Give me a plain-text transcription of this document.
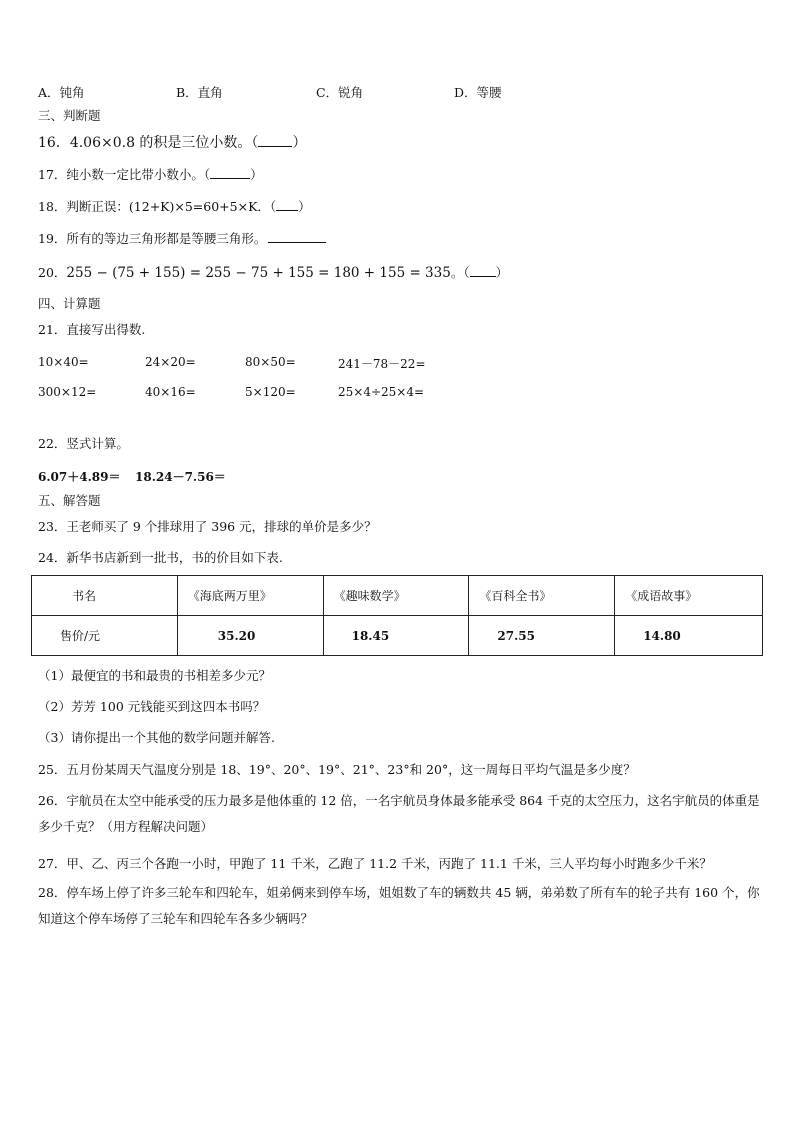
A．钝角	B．直角	C．锐角	D．等腰
三、判断题
16．4.06×0.8 的积是三位小数。（ ）
17．纯小数一定比带小数小。（	）
18．判断正误：(12+K)×5=60+5×K．（ ）
19．所有的等边三角形都是等腰三角形。
20．255 − (75 + 155) = 255 − 75 + 155 = 180 + 155 = 335。（ ）
四、计算题
21．直接写出得数.
10×40=	24×20=	80×50=	241－78－22=
300×12=	40×16=	5×120=	25×4÷25×4=
22．竖式计算。
6.07＋4.89＝ 18.24－7.56＝
五、解答题
23．王老师买了 9 个排球用了 396 元，排球的单价是多少？
24．新华书店新到一批书，书的价目如下表.
书名	《海底两万里》	《趣味数学》	《百科全书》	《成语故事》
售价/元	35.20	18.45	27.55	14.80
（1）最便宜的书和最贵的书相差多少元？
（2）芳芳 100 元钱能买到这四本书吗？
（3）请你提出一个其他的数学问题并解答.
25．五月份某周天气温度分别是 18、19°、20°、19°、21°、23°和 20°，这一周每日平均气温是多少度？
26．宇航员在太空中能承受的压力最多是他体重的 12 倍，一名宇航员身体最多能承受 864 千克的太空压力，这名宇航员的体重是多少千克？（用方程解决问题）
27．甲、乙、丙三个各跑一小时，甲跑了 11 千米，乙跑了 11.2 千米，丙跑了 11.1 千米，三人平均每小时跑多少千米？
28．停车场上停了许多三轮车和四轮车，姐弟俩来到停车场，姐姐数了车的辆数共 45 辆，弟弟数了所有车的轮子共有 160 个，你知道这个停车场停了三轮车和四轮车各多少辆吗？
